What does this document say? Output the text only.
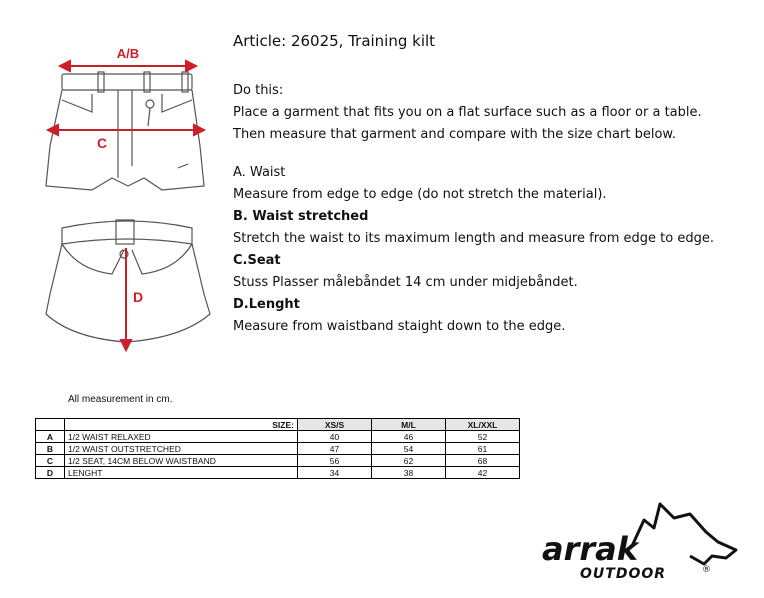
A/B
C
D

Article: 26025, Training kilt

Do this:

Place a garment that fits you on a flat surface such as a floor or a table.

Then measure that garment and compare with the size chart below.

A. Waist

Measure from edge to edge (do not stretch the material).

B. Waist stretched

Stretch the waist to its maximum length and measure from edge to edge.

C.Seat

Stuss Plasser målebåndet 14 cm under midjebåndet.

D.Lenght

Measure from waistband staight down to the edge.

All measurement in cm.
	SIZE:	XS/S	M/L	XL/XXL
A	1/2 WAIST RELAXED	40	46	52
B	1/2 WAIST OUTSTRETCHED	47	54	61
C	1/2 SEAT, 14CM BELOW WAISTBAND	56	62	68
D	LENGHT	34	38	42
arrak
OUTDOOR	®
